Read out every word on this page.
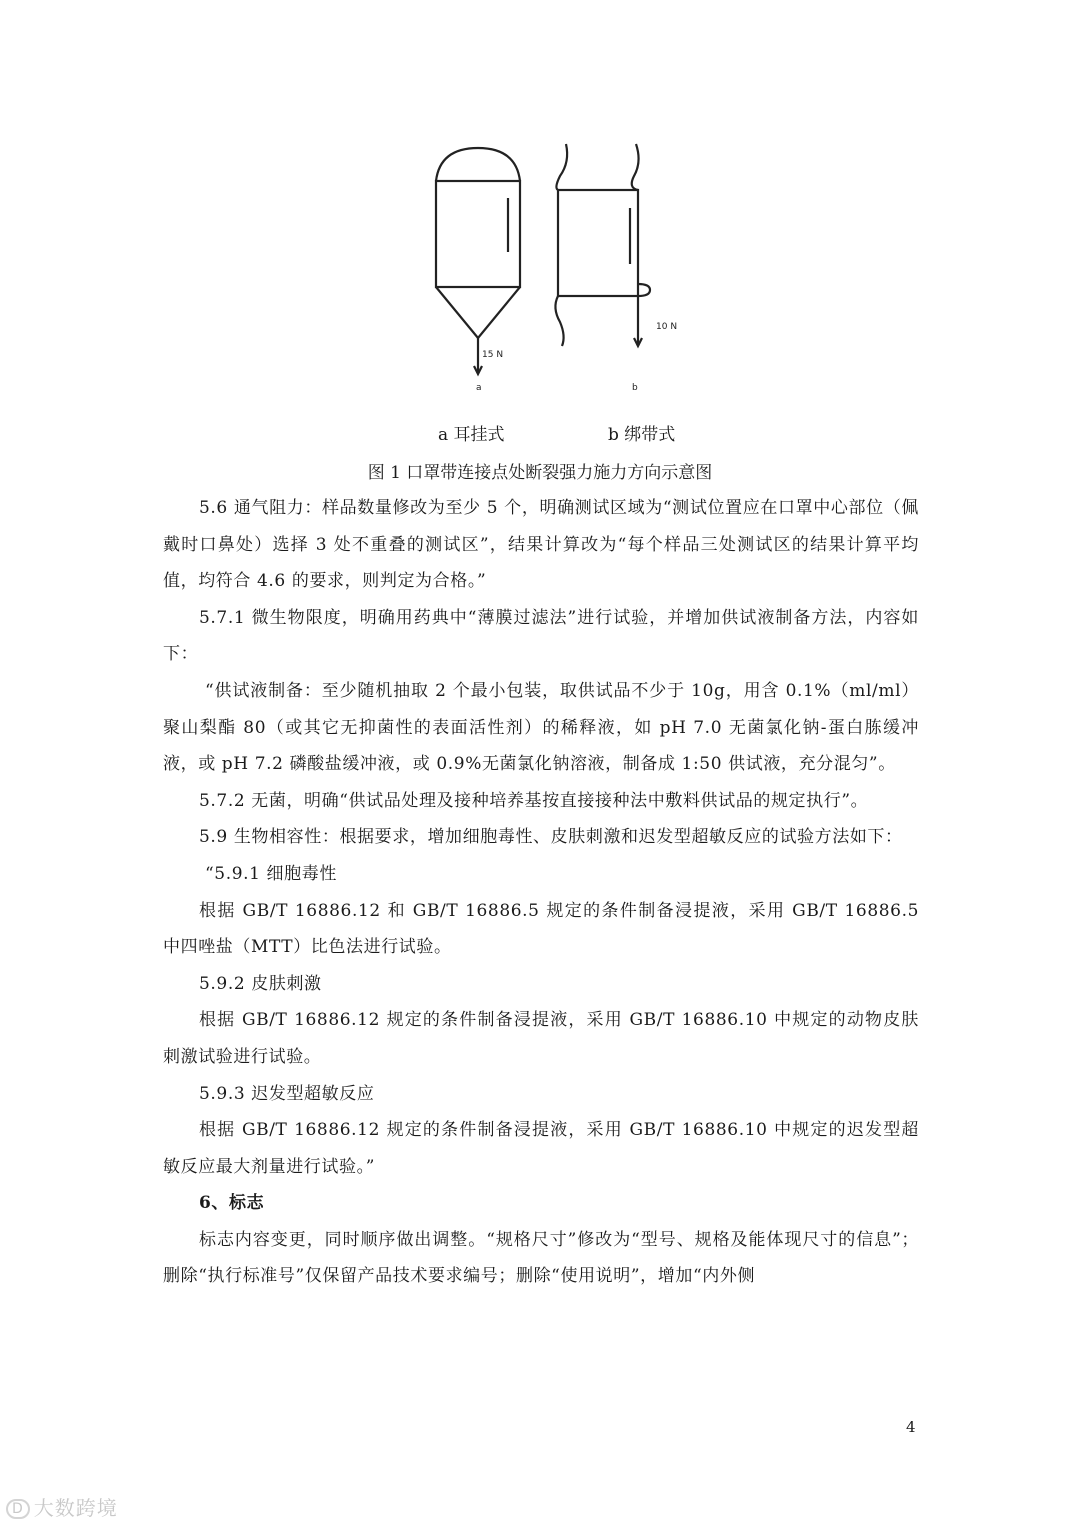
15 N
a
10 N
b
a 耳挂式	b 绑带式
图 1 口罩带连接点处断裂强力施力方向示意图

5.6 通气阻力：样品数量修改为至少 5 个，明确测试区域为“测试位置应在口罩中心部位（佩戴时口鼻处）选择 3 处不重叠的测试区”，结果计算改为“每个样品三处测试区的结果计算平均值，均符合 4.6 的要求，则判定为合格。”

5.7.1 微生物限度，明确用药典中“薄膜过滤法”进行试验，并增加供试液制备方法，内容如下：

“供试液制备：至少随机抽取 2 个最小包装，取供试品不少于 10g，用含 0.1%（ml/ml）聚山梨酯 80（或其它无抑菌性的表面活性剂）的稀释液，如 pH 7.0 无菌氯化钠-蛋白胨缓冲液，或 pH 7.2 磷酸盐缓冲液，或 0.9%无菌氯化钠溶液，制备成 1:50 供试液，充分混匀”。

5.7.2 无菌，明确“供试品处理及接种培养基按直接接种法中敷料供试品的规定执行”。

5.9 生物相容性：根据要求，增加细胞毒性、皮肤刺激和迟发型超敏反应的试验方法如下：

“5.9.1 细胞毒性

根据 GB/T 16886.12 和 GB/T 16886.5 规定的条件制备浸提液，采用 GB/T 16886.5 中四唑盐（MTT）比色法进行试验。

5.9.2 皮肤刺激

根据 GB/T 16886.12 规定的条件制备浸提液，采用 GB/T 16886.10 中规定的动物皮肤刺激试验进行试验。

5.9.3 迟发型超敏反应

根据 GB/T 16886.12 规定的条件制备浸提液，采用 GB/T 16886.10 中规定的迟发型超敏反应最大剂量进行试验。”

6、标志

标志内容变更，同时顺序做出调整。“规格尺寸”修改为“型号、规格及能体现尺寸的信息”；删除“执行标准号”仅保留产品技术要求编号；删除“使用说明”，增加“内外侧

4
D 大数跨境
